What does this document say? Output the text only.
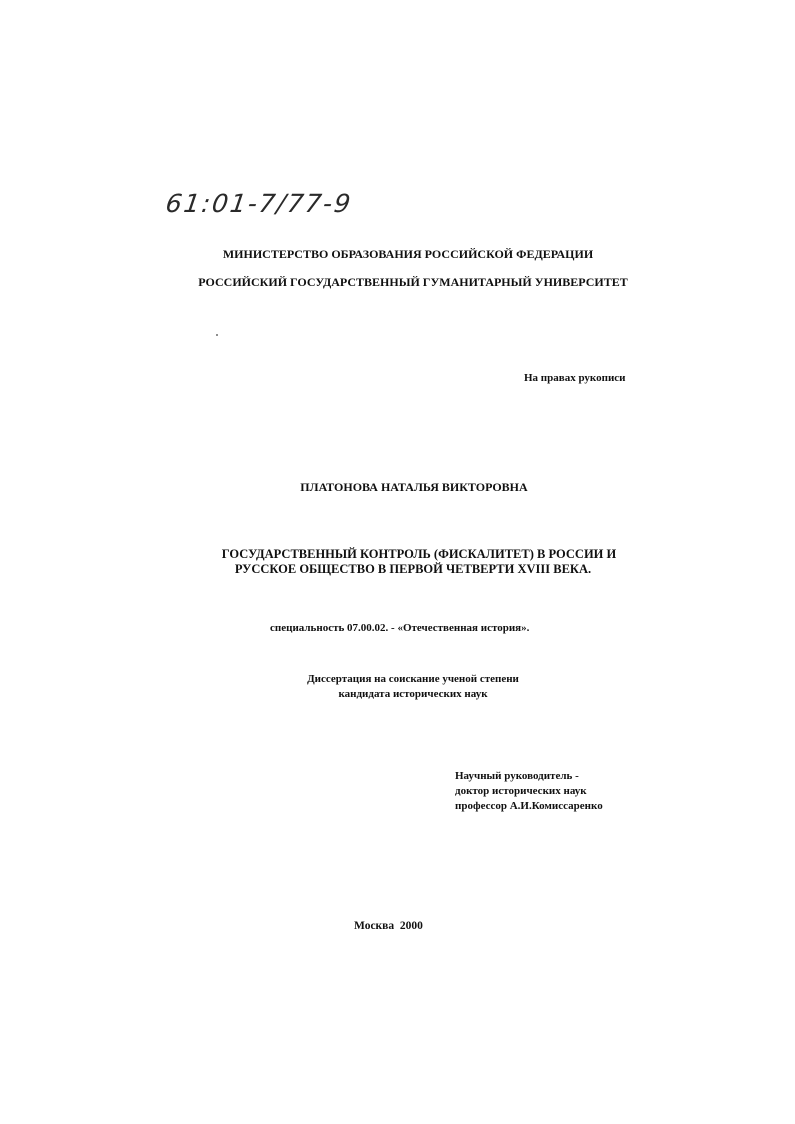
61:01-7/77-9
МИНИСТЕРСТВО ОБРАЗОВАНИЯ РОССИЙСКОЙ ФЕДЕРАЦИИ
РОССИЙСКИЙ ГОСУДАРСТВЕННЫЙ ГУМАНИТАРНЫЙ УНИВЕРСИТЕТ
На правах рукописи
ПЛАТОНОВА НАТАЛЬЯ ВИКТОРОВНА
ГОСУДАРСТВЕННЫЙ КОНТРОЛЬ (ФИСКАЛИТЕТ) В РОССИИ И
РУССКОЕ ОБЩЕСТВО В ПЕРВОЙ ЧЕТВЕРТИ XVIII ВЕКА.
специальность 07.00.02. - «Отечественная история».
Диссертация на соискание ученой степени
кандидата исторических наук
Научный руководитель -
доктор исторических наук
профессор А.И.Комиссаренко
Москва  2000
